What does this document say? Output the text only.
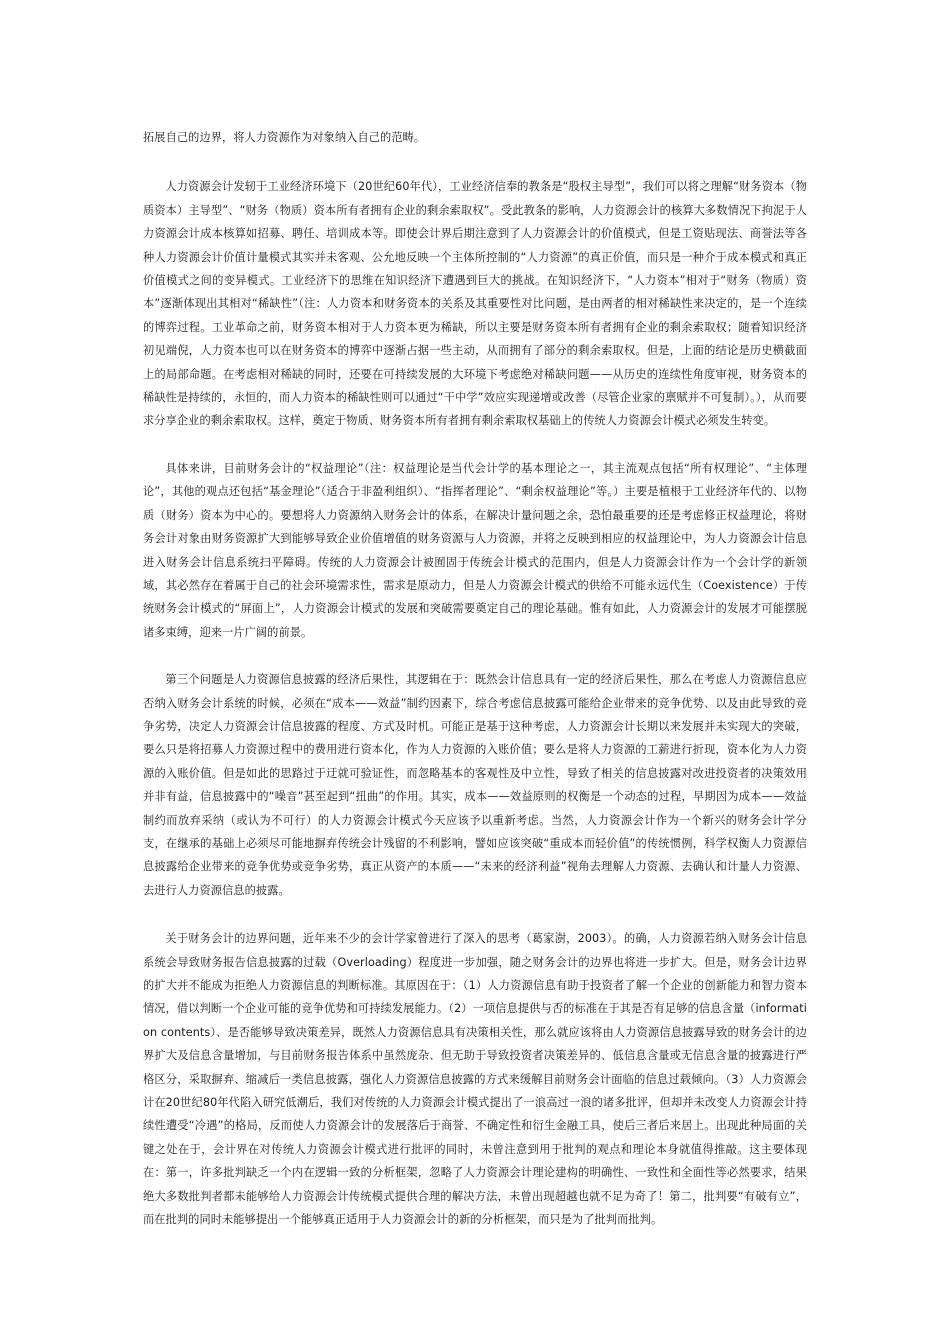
拓展自己的边界，将人力资源作为对象纳入自己的范畴。

人力资源会计发轫于工业经济环境下（20世纪60年代），工业经济信奉的教条是“股权主导型”，我们可以将之理解“财务资本（物质资本）主导型”、“财务（物质）资本所有者拥有企业的剩余索取权”。受此教条的影响，人力资源会计的核算大多数情况下拘泥于人力资源会计成本核算如招募、聘任、培训成本等。即使会计界后期注意到了人力资源会计的价值模式，但是工资贴现法、商誉法等各种人力资源会计价值计量模式其实并未客观、公允地反映一个主体所控制的“人力资源”的真正价值，而只是一种介于成本模式和真正价值模式之间的变异模式。工业经济下的思维在知识经济下遭遇到巨大的挑战。在知识经济下，“人力资本”相对于“财务（物质）资本”逐渐体现出其相对“稀缺性”（注：人力资本和财务资本的关系及其重要性对比问题，是由两者的相对稀缺性来决定的，是一个连续的博弈过程。工业革命之前，财务资本相对于人力资本更为稀缺，所以主要是财务资本所有者拥有企业的剩余索取权；随着知识经济初见端倪，人力资本也可以在财务资本的博弈中逐渐占据一些主动，从而拥有了部分的剩余索取权。但是，上面的结论是历史横截面上的局部命题。在考虑相对稀缺的同时，还要在可持续发展的大环境下考虑绝对稀缺问题——从历史的连续性角度审视，财务资本的稀缺性是持续的，永恒的，而人力资本的稀缺性则可以通过“干中学”效应实现递增或改善（尽管企业家的禀赋并不可复制）。），从而要求分享企业的剩余索取权。这样，奠定于物质、财务资本所有者拥有剩余索取权基础上的传统人力资源会计模式必须发生转变。

具体来讲，目前财务会计的“权益理论”（注：权益理论是当代会计学的基本理论之一，其主流观点包括“所有权理论”、“主体理论”，其他的观点还包括“基金理论”（适合于非盈利组织）、“指挥者理论”、“剩余权益理论”等。）主要是植根于工业经济年代的、以物质（财务）资本为中心的。要想将人力资源纳入财务会计的体系，在解决计量问题之余，恐怕最重要的还是考虑修正权益理论，将财务会计对象由财务资源扩大到能够导致企业价值增值的财务资源与人力资源，并将之反映到相应的权益理论中，为人力资源会计信息进入财务会计信息系统扫平障碍。传统的人力资源会计被囿固于传统会计模式的范围内，但是人力资源会计作为一个会计学的新领域，其必然存在着属于自己的社会环境需求性，需求是原动力，但是人力资源会计模式的供给不可能永远代生（Coexistence）于传统财务会计模式的“屏面上”，人力资源会计模式的发展和突破需要奠定自己的理论基础。惟有如此，人力资源会计的发展才可能摆脱诸多束缚，迎来一片广阔的前景。

第三个问题是人力资源信息披露的经济后果性，其逻辑在于：既然会计信息具有一定的经济后果性，那么在考虑人力资源信息应否纳入财务会计系统的时候，必须在“成本——效益”制约因素下，综合考虑信息披露可能给企业带来的竞争优势、以及由此导致的竞争劣势，决定人力资源会计信息披露的程度、方式及时机。可能正是基于这种考虑，人力资源会计长期以来发展并未实现大的突破，要么只是将招募人力资源过程中的费用进行资本化，作为人力资源的入账价值；要么是将人力资源的工薪进行折现，资本化为人力资源的入账价值。但是如此的思路过于迂就可验证性，而忽略基本的客观性及中立性，导致了相关的信息披露对改进投资者的决策效用并非有益，信息披露中的“噪音”甚至起到“扭曲”的作用。其实，成本——效益原则的权衡是一个动态的过程，早期因为成本——效益制约而放弃采纳（或认为不可行）的人力资源会计模式今天应该予以重新考虑。当然，人力资源会计作为一个新兴的财务会计学分支，在继承的基础上必须尽可能地摒弃传统会计残留的不利影响，譬如应该突破“重成本而轻价值”的传统惯例，科学权衡人力资源信息披露给企业带来的竞争优势或竞争劣势，真正从资产的本质——“未来的经济利益”视角去理解人力资源、去确认和计量人力资源、去进行人力资源信息的披露。

关于财务会计的边界问题，近年来不少的会计学家曾进行了深入的思考（葛家澍，2003）。的确，人力资源若纳入财务会计信息系统会导致财务报告信息披露的过载（Overloading）程度进一步加强，随之财务会计的边界也将进一步扩大。但是，财务会计边界的扩大并不能成为拒绝人力资源信息的判断标准。其原因在于：（1）人力资源信息有助于投资者了解一个企业的创新能力和智力资本情况，借以判断一个企业可能的竞争优势和可持续发展能力。（2）一项信息提供与否的标准在于其是否有足够的信息含量（information contents）、是否能够导致决策差异，既然人力资源信息具有决策相关性，那么就应该将由人力资源信息披露导致的财务会计的边界扩大及信息含量增加，与目前财务报告体系中虽然庞杂、但无助于导致投资者决策差异的、低信息含量或无信息含量的披露进行严格区分，采取摒弃、缩减后一类信息披露，强化人力资源信息披露的方式来缓解目前财务会计面临的信息过载倾向。（3）人力资源会计在20世纪80年代陷入研究低潮后，我们对传统的人力资源会计模式提出了一浪高过一浪的诸多批评，但却并未改变人力资源会计持续性遭受“冷遇”的格局，反而使人力资源会计的发展落后于商誉、不确定性和衍生金融工具，使后三者后来居上。出现此种局面的关键之处在于，会计界在对传统人力资源会计模式进行批评的同时，未曾注意到用于批判的观点和理论本身就值得推敲。这主要体现在：第一，许多批判缺乏一个内在逻辑一致的分析框架，忽略了人力资源会计理论建构的明确性、一致性和全面性等必然要求，结果绝大多数批判者都未能够给人力资源会计传统模式提供合理的解决方法，未曾出现超越也就不足为奇了！第二，批判要“有破有立”，而在批判的同时未能够提出一个能够真正适用于人力资源会计的新的分析框架，而只是为了批判而批判。
